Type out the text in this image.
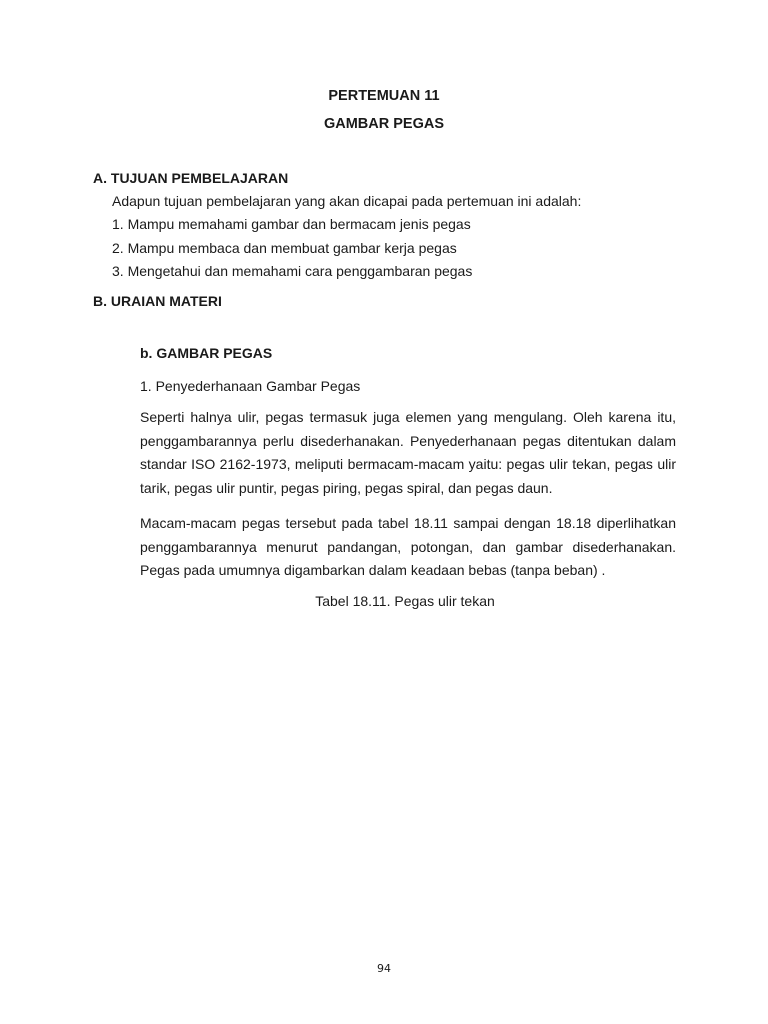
PERTEMUAN 11
GAMBAR PEGAS
A. TUJUAN PEMBELAJARAN
Adapun tujuan pembelajaran yang akan dicapai pada pertemuan ini adalah:
1. Mampu memahami gambar dan bermacam jenis pegas
2. Mampu membaca dan membuat gambar kerja pegas
3. Mengetahui dan memahami cara penggambaran pegas
B. URAIAN MATERI
b. GAMBAR PEGAS
1. Penyederhanaan Gambar Pegas

Seperti halnya ulir, pegas termasuk juga elemen yang mengulang. Oleh karena itu, penggambarannya perlu disederhanakan. Penyederhanaan pegas ditentukan dalam standar ISO 2162-1973, meliputi bermacam-macam yaitu: pegas ulir tekan, pegas ulir tarik, pegas ulir puntir, pegas piring, pegas spiral, dan pegas daun.

Macam-macam pegas tersebut pada tabel 18.11 sampai dengan 18.18 diperlihatkan penggambarannya menurut pandangan, potongan, dan gambar disederhanakan. Pegas pada umumnya digambarkan dalam keadaan bebas (tanpa beban) .

Tabel 18.11. Pegas ulir tekan
94
